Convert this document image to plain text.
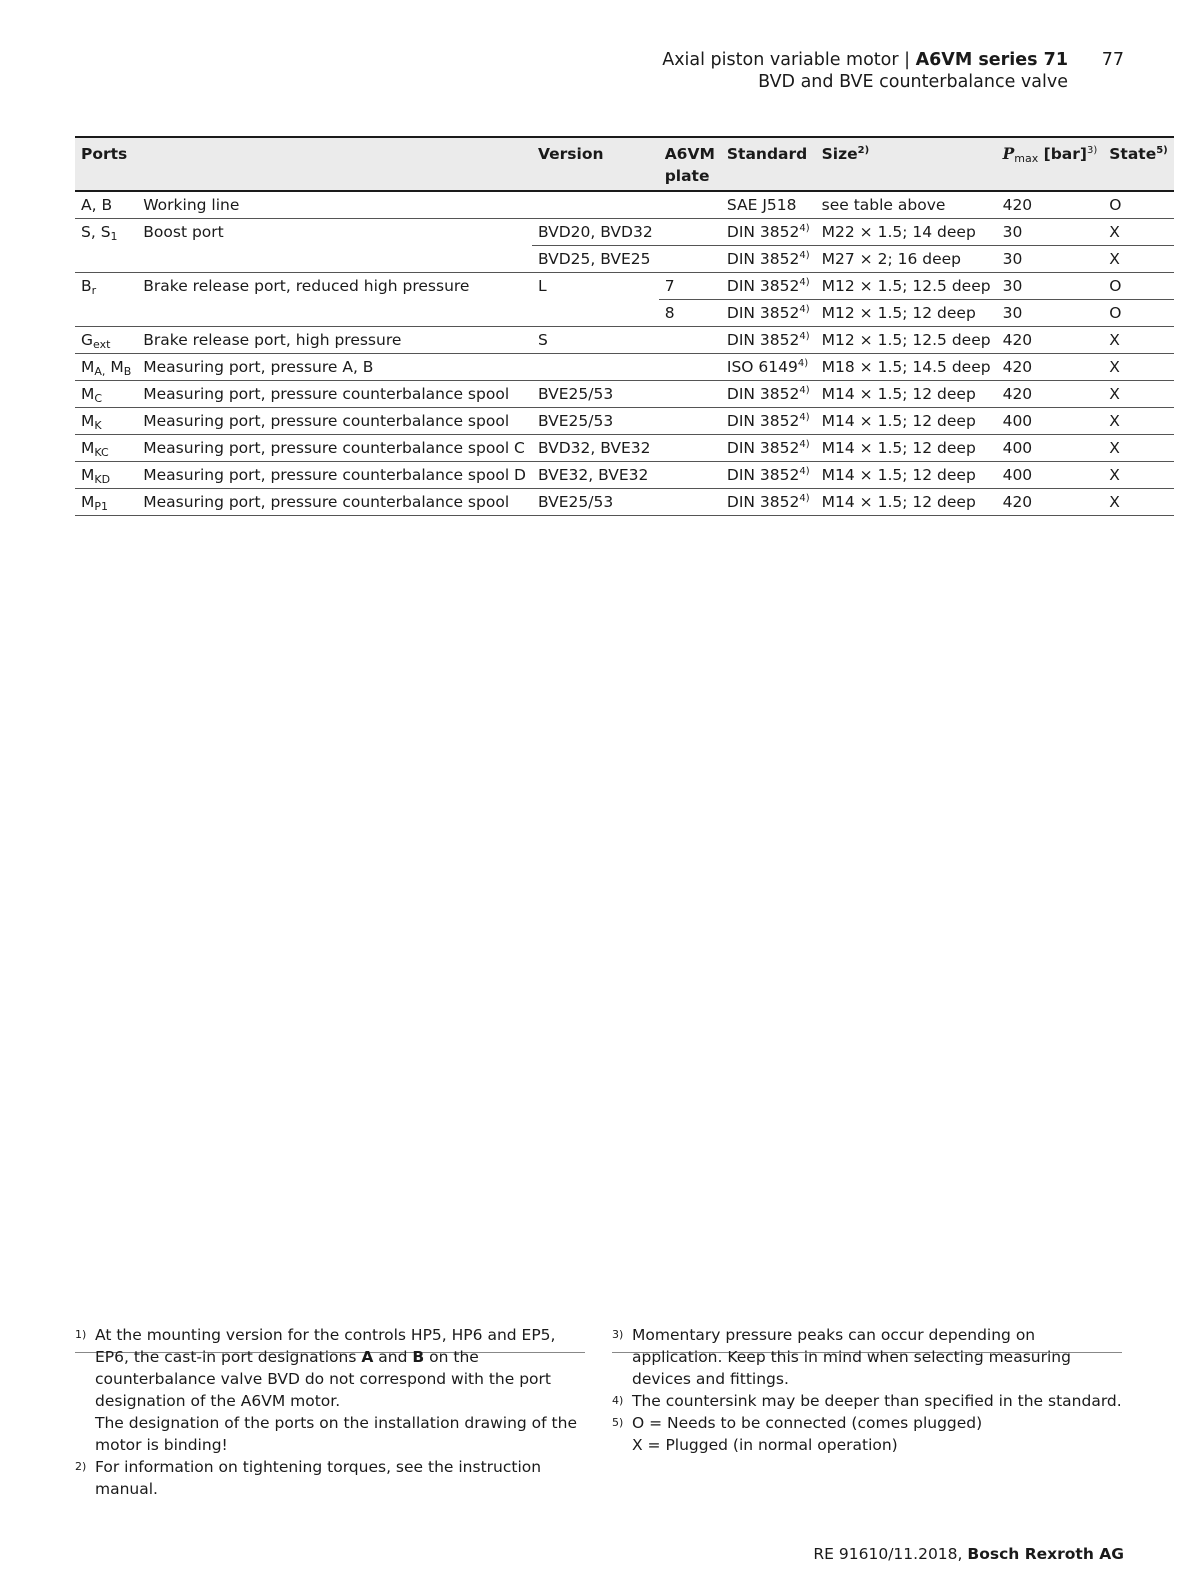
Axial piston variable motor | A6VM series 71
BVD and BVE counterbalance valve
77
Ports		Version	A6VM plate	Standard	Size$^{2)}$	$P_{max}$ [bar]$^{3)}$	State$^{5)}$
A, B	Working line			SAE J518	see table above	420	O
S, $S_1$	Boost port	BVD20, BVD32		DIN 3852$^{4)}$	M22 × 1.5; 14 deep	30	X
		BVD25, BVE25		DIN 3852$^{4)}$	M27 × 2; 16 deep	30	X
$B_r$	Brake release port, reduced high pressure	L	7	DIN 3852$^{4)}$	M12 × 1.5; 12.5 deep	30	O
			8	DIN 3852$^{4)}$	M12 × 1.5; 12 deep	30	O
$G_{ext}$	Brake release port, high pressure	S		DIN 3852$^{4)}$	M12 × 1.5; 12.5 deep	420	X
$M_{A,}$ $M_B$	Measuring port, pressure A, B			ISO 6149$^{4)}$	M18 × 1.5; 14.5 deep	420	X
$M_C$	Measuring port, pressure counterbalance spool	BVE25/53		DIN 3852$^{4)}$	M14 × 1.5; 12 deep	420	X
$M_K$	Measuring port, pressure counterbalance spool	BVE25/53		DIN 3852$^{4)}$	M14 × 1.5; 12 deep	400	X
$M_{KC}$	Measuring port, pressure counterbalance spool C	BVD32, BVE32		DIN 3852$^{4)}$	M14 × 1.5; 12 deep	400	X
$M_{KD}$	Measuring port, pressure counterbalance spool D	BVE32, BVE32		DIN 3852$^{4)}$	M14 × 1.5; 12 deep	400	X
$M_{P1}$	Measuring port, pressure counterbalance spool	BVE25/53		DIN 3852$^{4)}$	M14 × 1.5; 12 deep	420	X
1) At the mounting version for the controls HP5, HP6 and EP5, EP6, the cast-in port designations A and B on the counterbalance valve BVD do not correspond with the port designation of the A6VM motor.
The designation of the ports on the installation drawing of the motor is binding!
2) For information on tightening torques, see the instruction manual.
3) Momentary pressure peaks can occur depending on application. Keep this in mind when selecting measuring devices and fittings.
4) The countersink may be deeper than specified in the standard.
5) O = Needs to be connected (comes plugged)
X = Plugged (in normal operation)
RE 91610/11.2018, Bosch Rexroth AG
